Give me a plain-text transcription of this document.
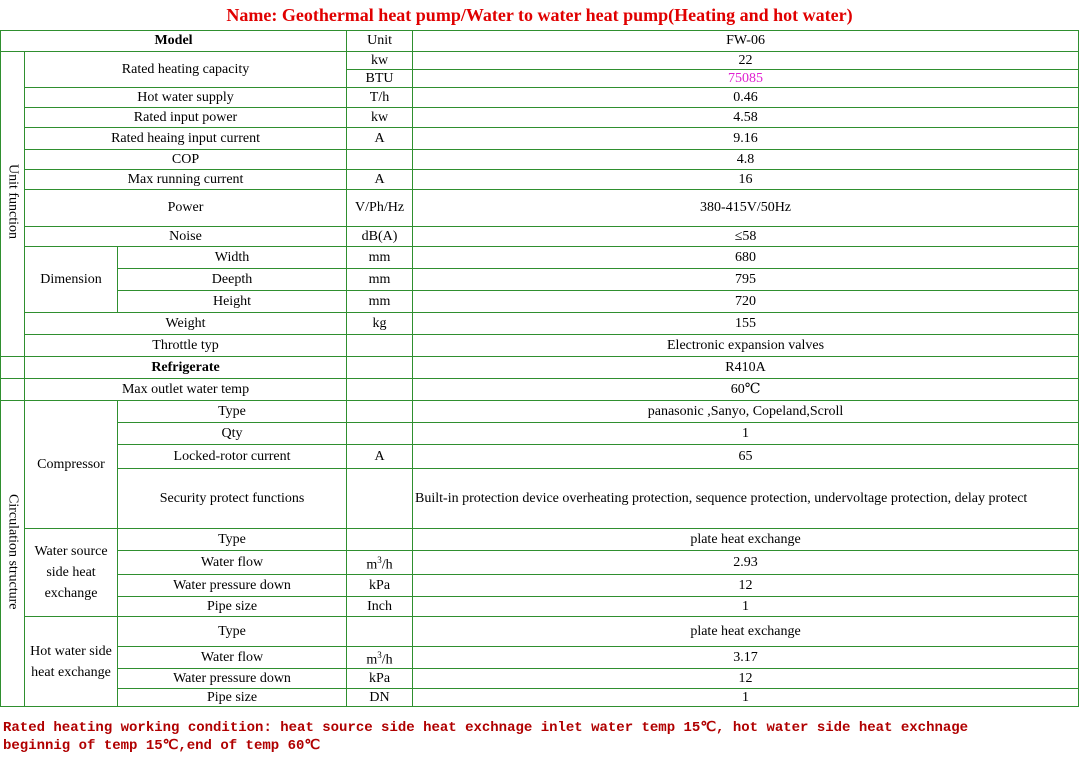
Name: Geothermal heat pump/Water to water heat pump(Heating and hot water)
Model			Unit	FW-06
Unit function	Rated heating capacity		kw	22
			BTU	75085
	Hot water supply		T/h	0.46
	Rated input power		kw	4.58
	Rated heaing input current		A	9.16
	COP			4.8
	Max running current		A	16
	Power		V/Ph/Hz	380-415V/50Hz
	Noise		dB(A)	≤58
	Dimension	Width	mm	680
		Deepth	mm	795
		Height	mm	720
	Weight		kg	155
	Throttle typ			Electronic expansion valves
	Refrigerate			R410A
	Max outlet water temp			60℃
Circulation structure	Compressor	Type		panasonic ,Sanyo, Copeland,Scroll
		Qty		1
		Locked-rotor current	A	65
		Security protect functions		Built-in protection device overheating protection, sequence protection, undervoltage protection, delay protect
	Water source side heat exchange	Type		plate heat exchange
		Water flow	$m^3/h$	2.93
		Water pressure down	kPa	12
		Pipe size	Inch	1
	Hot water side heat exchange	Type		plate heat exchange
		Water flow	$m^3/h$	3.17
		Water pressure down	kPa	12
		Pipe size	DN	1
Rated heating working condition: heat source side heat exchnage inlet water temp 15℃, hot water side heat exchnage
beginnig of temp 15℃,end of temp 60℃
